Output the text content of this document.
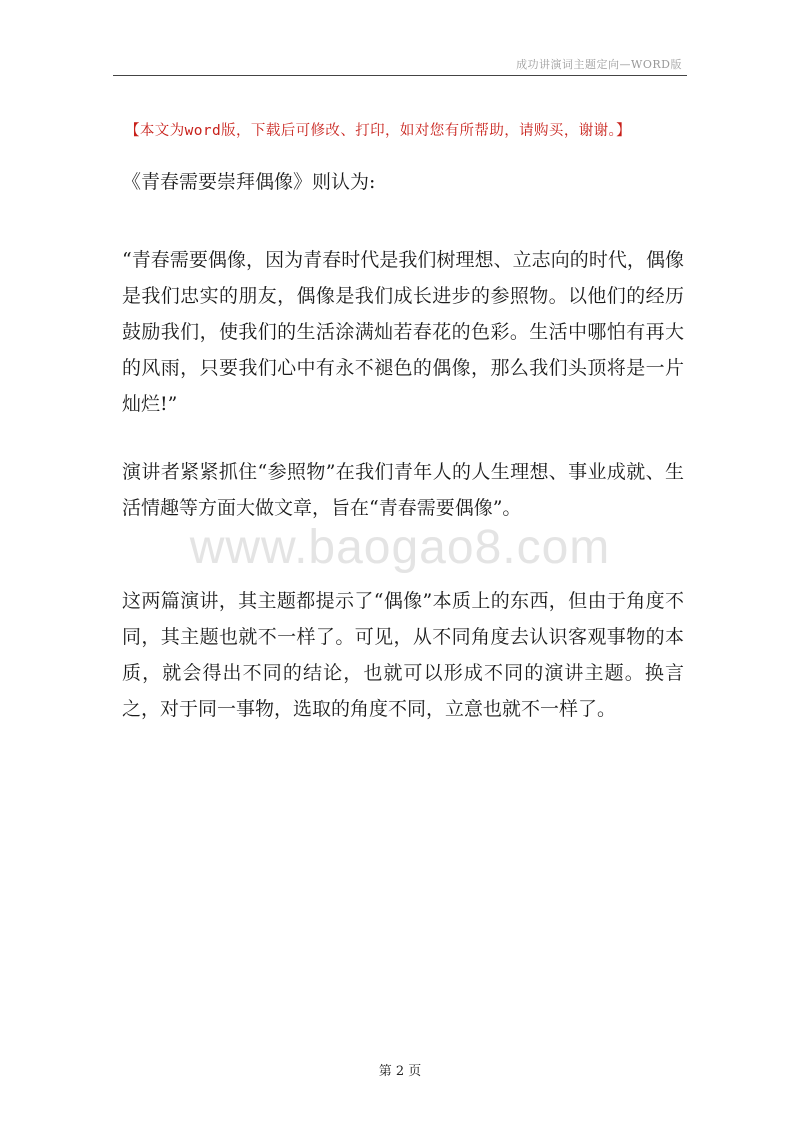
成功讲演词主题定向—WORD版
【本文为word版，下载后可修改、打印，如对您有所帮助，请购买，谢谢。】

《青春需要崇拜偶像》则认为:

“青春需要偶像，因为青春时代是我们树理想、立志向的时代，偶像是我们忠实的朋友，偶像是我们成长进步的参照物。以他们的经历鼓励我们，使我们的生活涂满灿若春花的色彩。生活中哪怕有再大的风雨，只要我们心中有永不褪色的偶像，那么我们头顶将是一片灿烂!”

演讲者紧紧抓住“参照物”在我们青年人的人生理想、事业成就、生活情趣等方面大做文章，旨在“青春需要偶像”。

www.baogao8.com

这两篇演讲，其主题都提示了“偶像”本质上的东西，但由于角度不同，其主题也就不一样了。可见，从不同角度去认识客观事物的本质，就会得出不同的结论，也就可以形成不同的演讲主题。换言之，对于同一事物，选取的角度不同，立意也就不一样了。

第 2 页
